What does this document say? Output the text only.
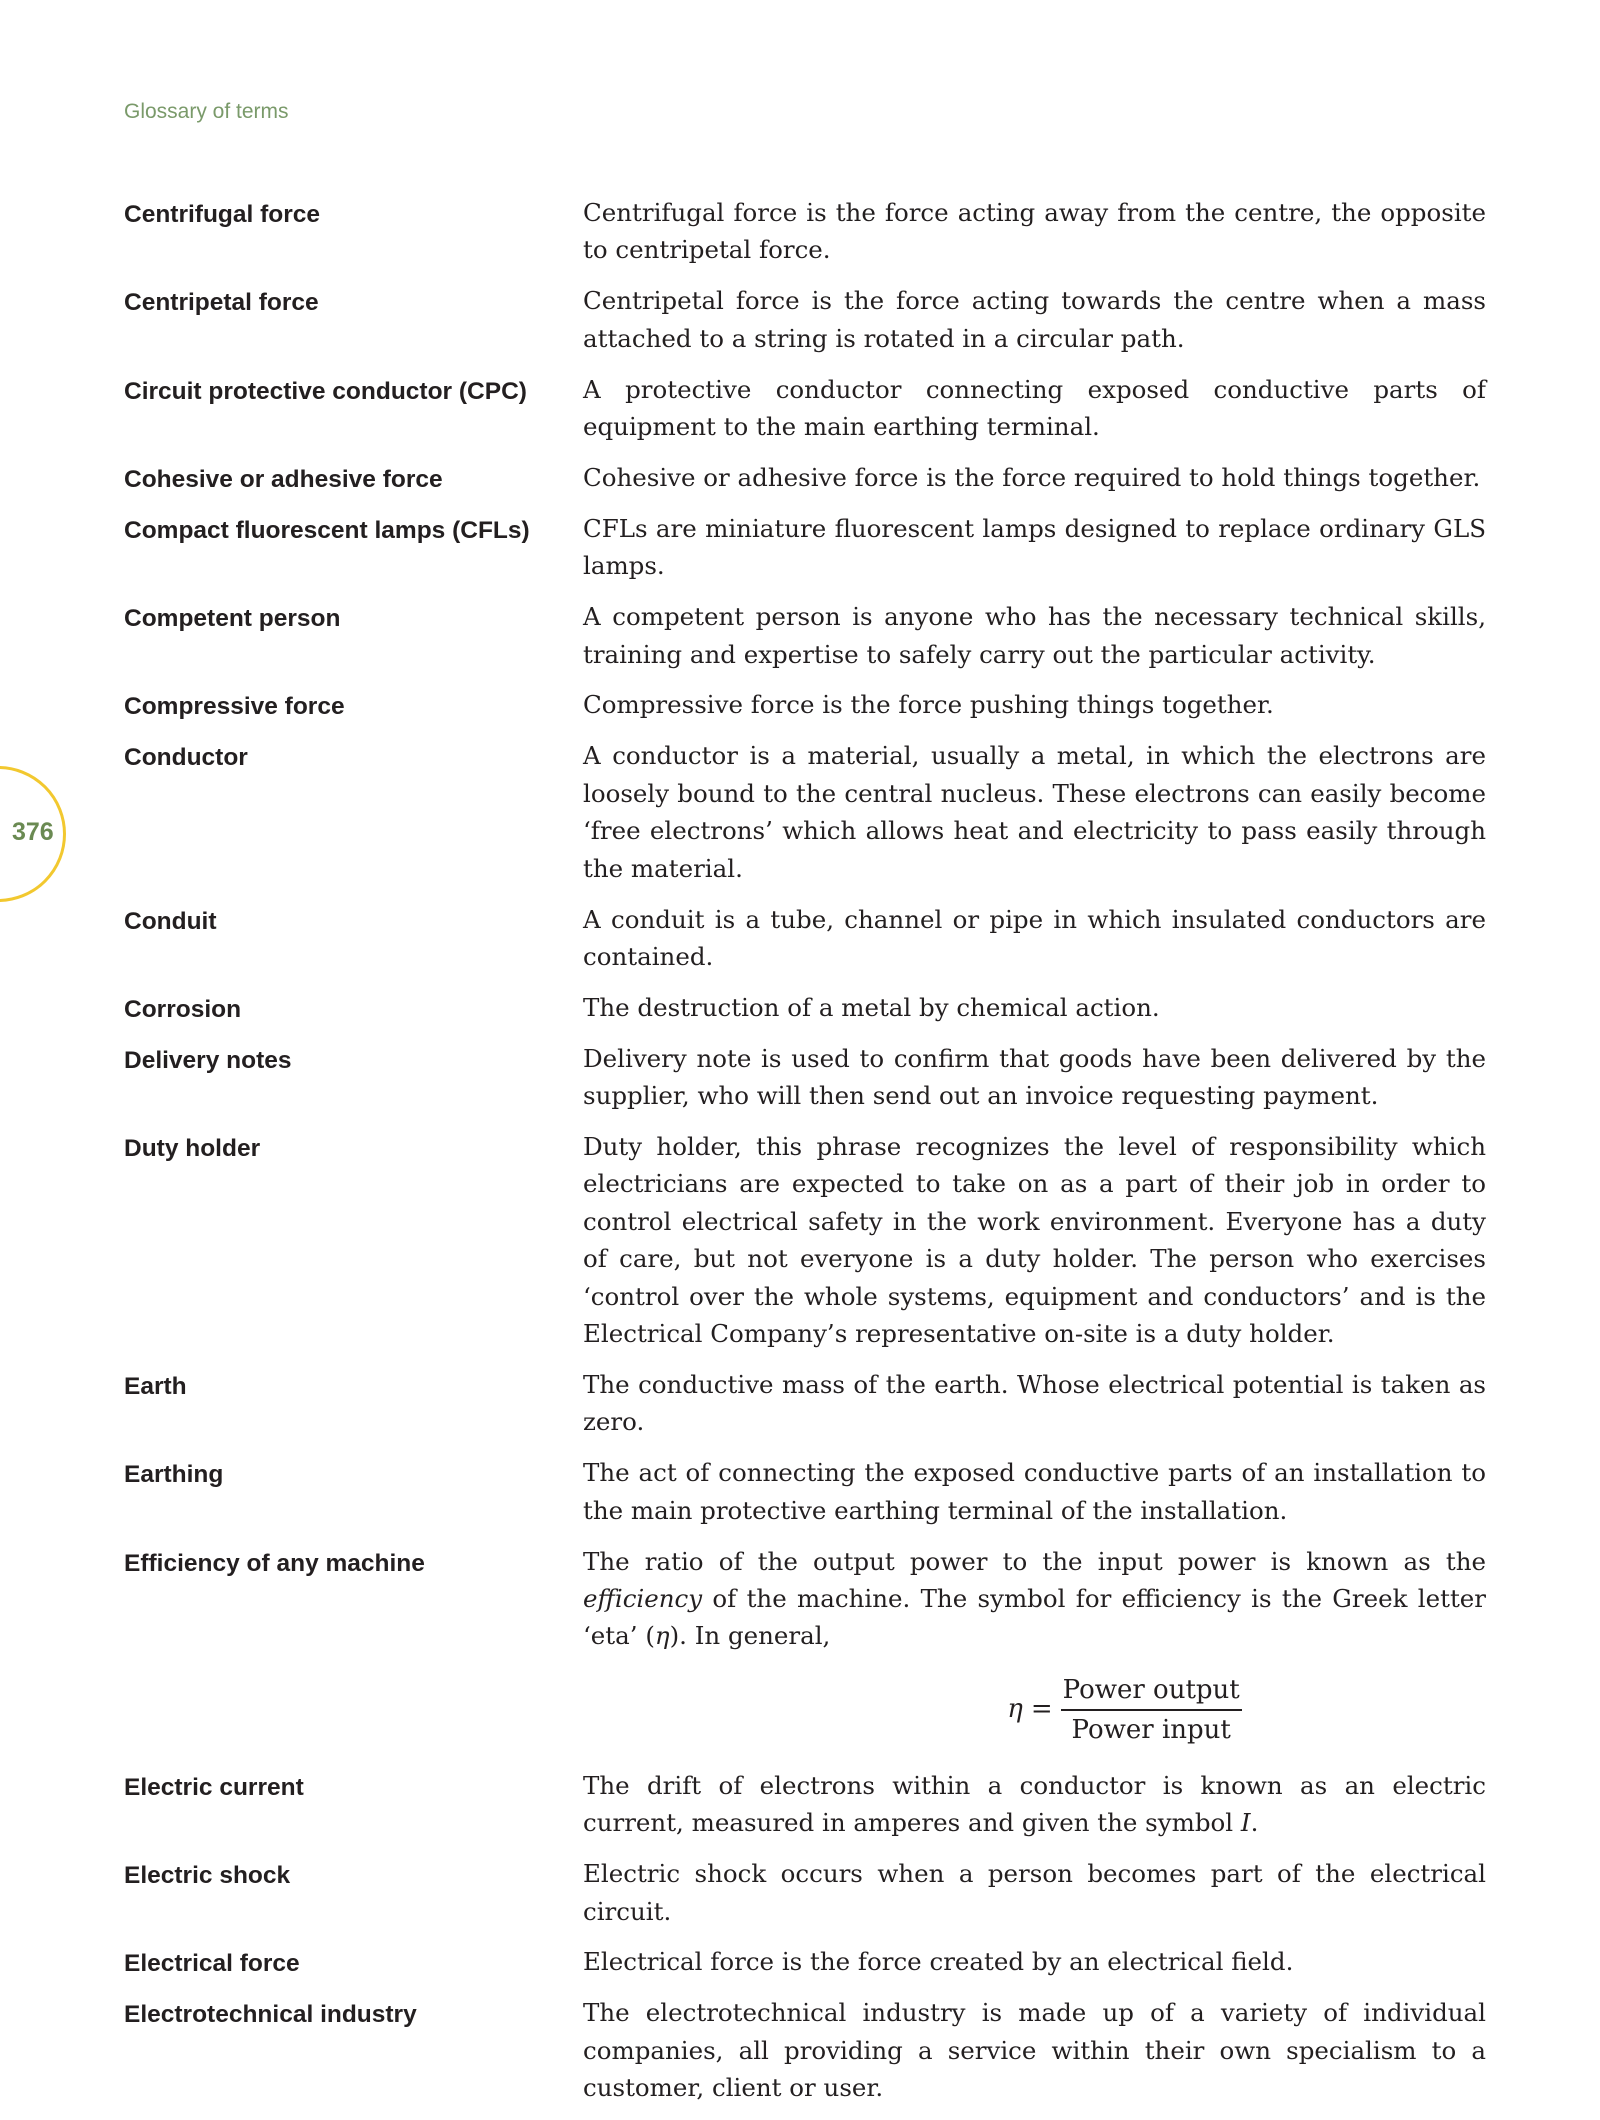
Glossary of terms
376
Centrifugal force	Centrifugal force is the force acting away from the centre, the opposite to centripetal force.
Centripetal force	Centripetal force is the force acting towards the centre when a mass attached to a string is rotated in a circular path.
Circuit protective conductor (CPC)	A protective conductor connecting exposed conductive parts of equipment to the main earthing terminal.
Cohesive or adhesive force	Cohesive or adhesive force is the force required to hold things together.
Compact fluorescent lamps (CFLs)	CFLs are miniature fluorescent lamps designed to replace ordinary GLS lamps.
Competent person	A competent person is anyone who has the necessary technical skills, training and expertise to safely carry out the particular activity.
Compressive force	Compressive force is the force pushing things together.
Conductor	A conductor is a material, usually a metal, in which the electrons are loosely bound to the central nucleus. These electrons can easily become ‘free electrons’ which allows heat and electricity to pass easily through the material.
Conduit	A conduit is a tube, channel or pipe in which insulated conductors are contained.
Corrosion	The destruction of a metal by chemical action.
Delivery notes	Delivery note is used to confirm that goods have been delivered by the supplier, who will then send out an invoice requesting payment.
Duty holder	Duty holder, this phrase recognizes the level of responsibility which electricians are expected to take on as a part of their job in order to control electrical safety in the work environment. Everyone has a duty of care, but not everyone is a duty holder. The person who exercises ‘control over the whole systems, equipment and conductors’ and is the Electrical Company’s representative on-site is a duty holder.
Earth	The conductive mass of the earth. Whose electrical potential is taken as zero.
Earthing	The act of connecting the exposed conductive parts of an installation to the main protective earthing terminal of the installation.
Efficiency of any machine	The ratio of the output power to the input power is known as the efficiency of the machine. The symbol for efficiency is the Greek letter ‘eta’ (η). In general,
$\eta = \frac{\text{Power output}}{\text{Power input}}$
Electric current	The drift of electrons within a conductor is known as an electric current, measured in amperes and given the symbol I.
Electric shock	Electric shock occurs when a person becomes part of the electrical circuit.
Electrical force	Electrical force is the force created by an electrical field.
Electrotechnical industry	The electrotechnical industry is made up of a variety of individual companies, all providing a service within their own specialism to a customer, client or user.
